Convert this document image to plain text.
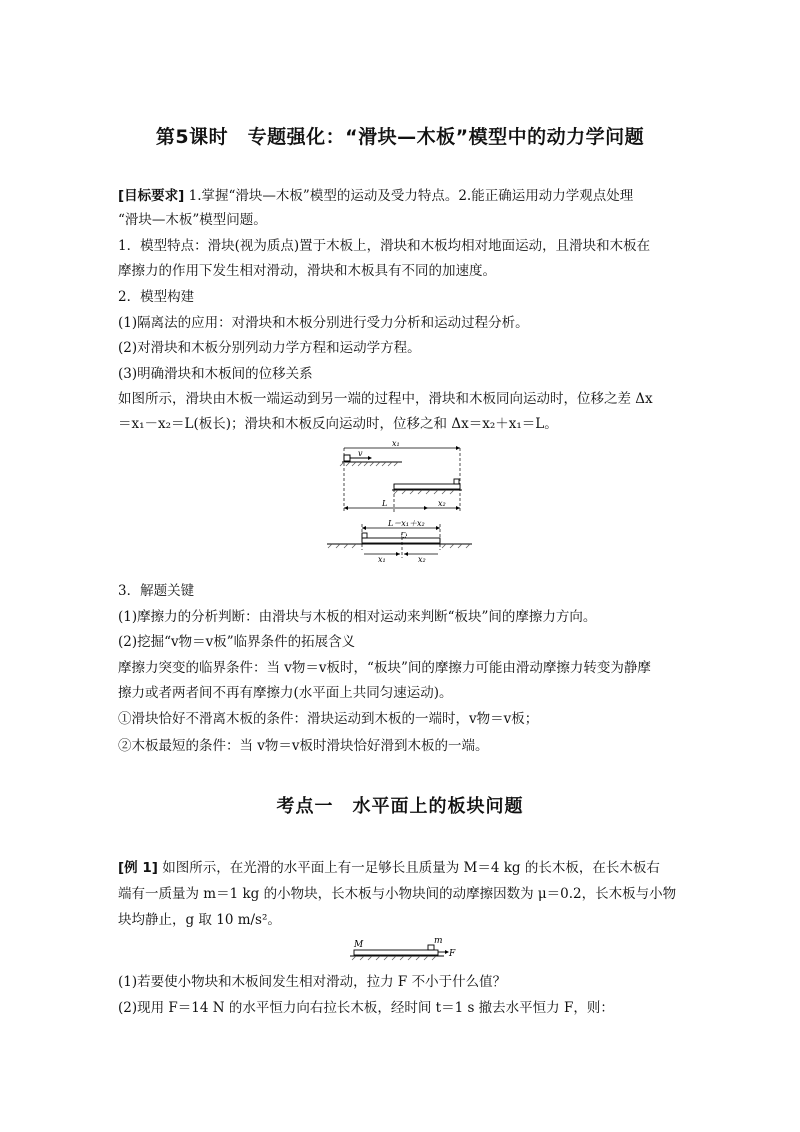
第5课时　专题强化：“滑块—木板”模型中的动力学问题
[目标要求] 1.掌握“滑块—木板”模型的运动及受力特点。2.能正确运用动力学观点处理
“滑块—木板”模型问题。
1．模型特点：滑块(视为质点)置于木板上，滑块和木板均相对地面运动，且滑块和木板在
摩擦力的作用下发生相对滑动，滑块和木板具有不同的加速度。
2．模型构建
(1)隔离法的应用：对滑块和木板分别进行受力分析和运动过程分析。
(2)对滑块和木板分别列动力学方程和运动学方程。
(3)明确滑块和木板间的位移关系
如图所示，滑块由木板一端运动到另一端的过程中，滑块和木板同向运动时，位移之差 Δx
＝x₁－x₂＝L(板长)；滑块和木板反向运动时，位移之和 Δx＝x₂＋x₁＝L。
v
x₁
L	x₂
L＝x₁＋x₂
x₁	x₂
3．解题关键
(1)摩擦力的分析判断：由滑块与木板的相对运动来判断“板块”间的摩擦力方向。
(2)挖掘“v物＝v板”临界条件的拓展含义
摩擦力突变的临界条件：当 v物＝v板时，“板块”间的摩擦力可能由滑动摩擦力转变为静摩
擦力或者两者间不再有摩擦力(水平面上共同匀速运动)。
①滑块恰好不滑离木板的条件：滑块运动到木板的一端时，v物＝v板；
②木板最短的条件：当 v物＝v板时滑块恰好滑到木板的一端。
考点一　水平面上的板块问题
[例 1] 如图所示，在光滑的水平面上有一足够长且质量为 M＝4 kg 的长木板，在长木板右
端有一质量为 m＝1 kg 的小物块，长木板与小物块间的动摩擦因数为 μ＝0.2，长木板与小物
块均静止，g 取 10 m/s²。
M	m
F
(1)若要使小物块和木板间发生相对滑动，拉力 F 不小于什么值？
(2)现用 F＝14 N 的水平恒力向右拉长木板，经时间 t＝1 s 撤去水平恒力 F，则：
